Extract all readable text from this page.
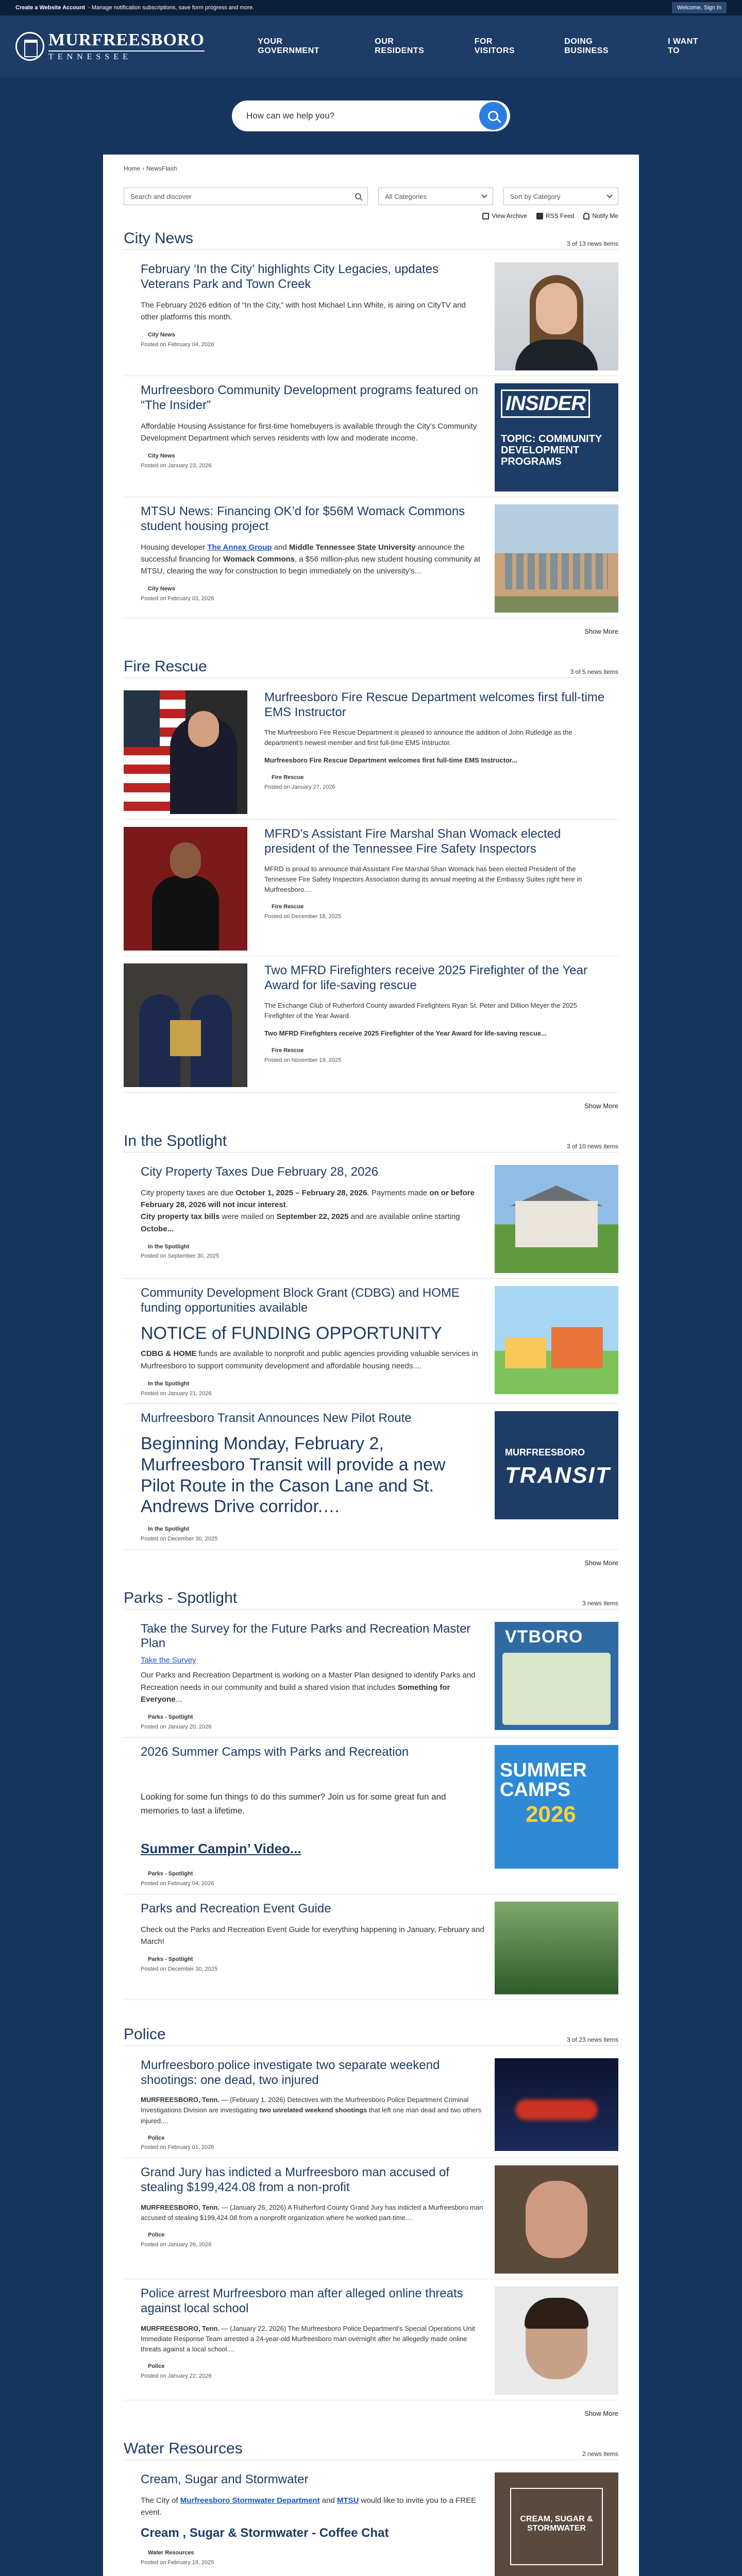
Create a Website Account - Manage notification subscriptions, save form progress and more.	Welcome, Sign In
MURFREESBORO
TENNESSEE
YOUR GOVERNMENT
OUR RESIDENTS
FOR VISITORS
DOING BUSINESS
I WANT TO
How can we help you?
Home › NewsFlash
Search and discover	All Categories	Sort by Category
View Archive	RSS Feed	Notify Me
City News	3 of 13 news items
February ‘In the City’ highlights City Legacies, updates Veterans Park and Town Creek

The February 2026 edition of “In the City,” with host Michael Linn White, is airing on CityTV and other platforms this month.

City News
Posted on February 04, 2026
Murfreesboro Community Development programs featured on “The Insider”

Affordable Housing Assistance for first-time homebuyers is available through the City’s Community Development Department which serves residents with low and moderate income.

City News
Posted on January 23, 2026
INSIDER
TOPIC: COMMUNITY DEVELOPMENT PROGRAMS
MTSU News: Financing OK’d for $56M Womack Commons student housing project

Housing developer The Annex Group and Middle Tennessee State University announce the successful financing for Womack Commons, a $56 million-plus new student housing community at MTSU, clearing the way for construction to begin immediately on the university’s...

City News
Posted on February 03, 2026
Show More
Fire Rescue	3 of 5 news items
Murfreesboro Fire Rescue Department welcomes first full-time EMS Instructor

The Murfreesboro Fire Rescue Department is pleased to announce the addition of John Rutledge as the department’s newest member and first full-time EMS Instructor.

Murfreesboro Fire Rescue Department welcomes first full-time EMS Instructor...

Fire Rescue
Posted on January 27, 2026
MFRD’s Assistant Fire Marshal Shan Womack elected president of the Tennessee Fire Safety Inspectors

MFRD is proud to announce that Assistant Fire Marshal Shan Womack has been elected President of the Tennessee Fire Safety Inspectors Association during its annual meeting at the Embassy Suites right here in Murfreesboro....

Fire Rescue
Posted on December 18, 2025
Two MFRD Firefighters receive 2025 Firefighter of the Year Award for life-saving rescue

The Exchange Club of Rutherford County awarded Firefighters Ryan St. Peter and Dillion Meyer the 2025 Firefighter of the Year Award

Two MFRD Firefighters receive 2025 Firefighter of the Year Award for life-saving rescue...

Fire Rescue
Posted on November 19, 2025
Show More
In the Spotlight	3 of 10 news items
City Property Taxes Due February 28, 2026

City property taxes are due October 1, 2025 – February 28, 2026. Payments made on or before February 28, 2026 will not incur interest.
City property tax bills were mailed on September 22, 2025 and are available online starting Octobe...

In the Spotlight
Posted on September 30, 2025
Community Development Block Grant (CDBG) and HOME funding opportunities available

NOTICE of FUNDING OPPORTUNITY

CDBG & HOME funds are available to nonprofit and public agencies providing valuable services in Murfreesboro to support community development and affordable housing needs....

In the Spotlight
Posted on January 21, 2026
Murfreesboro Transit Announces New Pilot Route

Beginning Monday, February 2, Murfreesboro Transit will provide a new Pilot Route in the Cason Lane and St. Andrews Drive corridor.…

In the Spotlight
Posted on December 30, 2025
MURFREESBORO
TRANSIT
Show More
Parks - Spotlight	3 news items
Take the Survey for the Future Parks and Recreation Master Plan

Take the Survey

Our Parks and Recreation Department is working on a Master Plan designed to identify Parks and Recreation needs in our community and build a shared vision that includes Something for Everyone...

Parks - Spotlight
Posted on January 20, 2026
VTBORO
2026 Summer Camps with Parks and Recreation

Looking for some fun things to do this summer? Join us for some great fun and memories to last a lifetime.

Summer Campin’ Video...

Parks - Spotlight
Posted on February 04, 2026
SUMMER CAMPS
2026
Parks and Recreation Event Guide

Check out the Parks and Recreation Event Guide for everything happening in January, February and March!

Parks - Spotlight
Posted on December 30, 2025
Police	3 of 23 news items
Murfreesboro police investigate two separate weekend shootings: one dead, two injured

MURFREESBORO, Tenn. — (February 1, 2026) Detectives with the Murfreesboro Police Department Criminal Investigations Division are investigating two unrelated weekend shootings that left one man dead and two others injured....

Police
Posted on February 01, 2026
Grand Jury has indicted a Murfreesboro man accused of stealing $199,424.08 from a non-profit

MURFREESBORO, Tenn. — (January 26, 2026) A Rutherford County Grand Jury has indicted a Murfreesboro man accused of stealing $199,424.08 from a nonprofit organization where he worked part-time....

Police
Posted on January 26, 2026
Police arrest Murfreesboro man after alleged online threats against local school

MURFREESBORO, Tenn. — (January 22, 2026) The Murfreesboro Police Department’s Special Operations Unit Immediate Response Team arrested a 24-year-old Murfreesboro man overnight after he allegedly made online threats against a local school....

Police
Posted on January 22, 2026
Show More
Water Resources	2 news items
Cream, Sugar and Stormwater

The City of Murfreesboro Stormwater Department and MTSU would like to invite you to a FREE event.

Cream , Sugar & Stormwater - Coffee Chat

Water Resources
Posted on February 19, 2025
CREAM, SUGAR & STORMWATER
